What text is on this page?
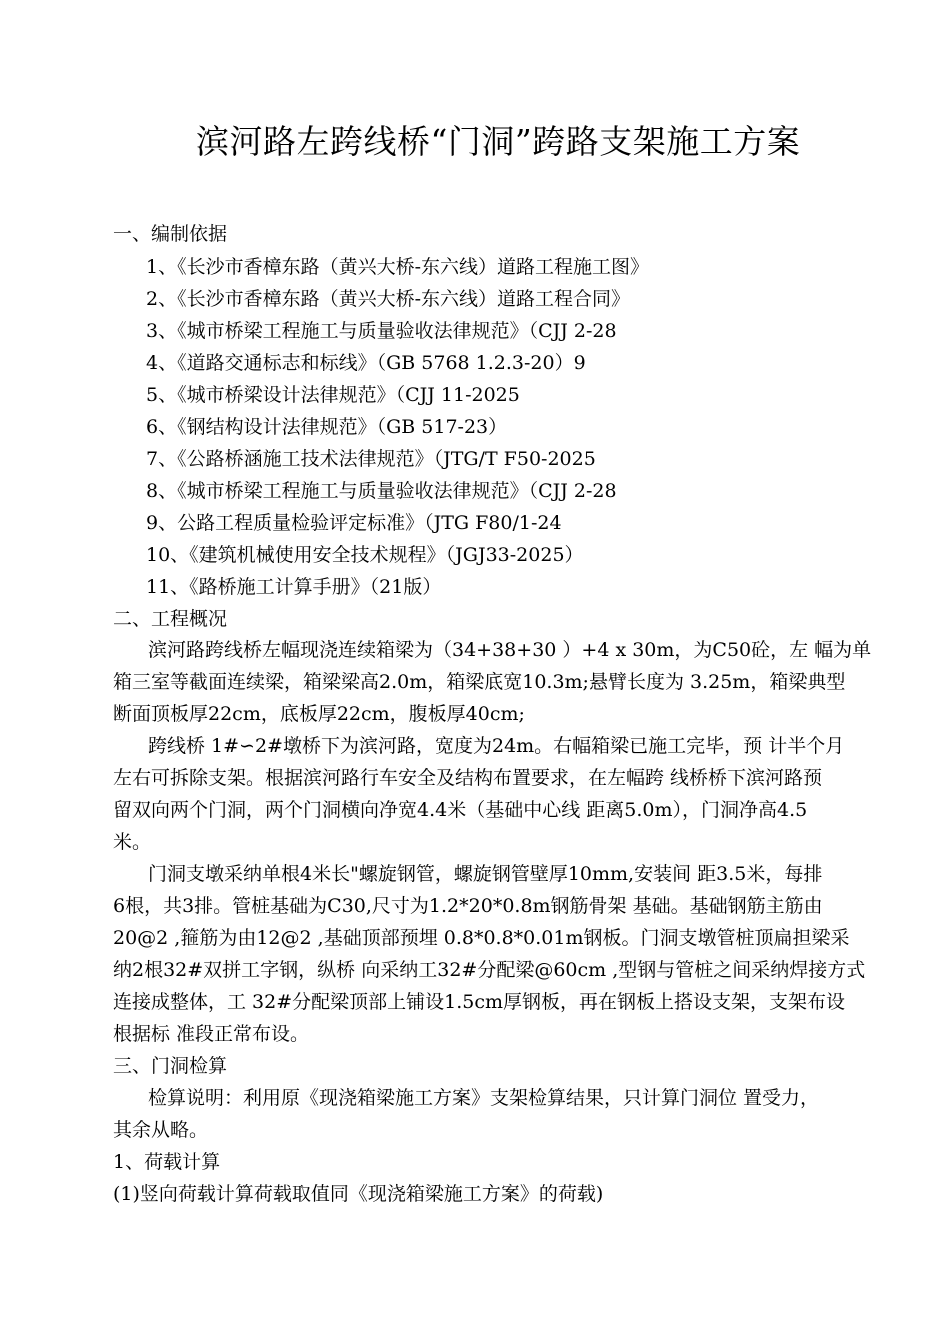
滨河路左跨线桥“门洞”跨路支架施工方案
一、编制依据
1、《长沙市香樟东路（黄兴大桥-东六线）道路工程施工图》
2、《长沙市香樟东路（黄兴大桥-东六线）道路工程合同》
3、《城市桥梁工程施工与质量验收法律规范》（CJJ 2-28
4、《道路交通标志和标线》（GB 5768 1.2.3-20）9
5、《城市桥梁设计法律规范》（CJJ 11-2025
6、《钢结构设计法律规范》（GB 517-23）
7、《公路桥涵施工技术法律规范》（JTG/T F50-2025
8、《城市桥梁工程施工与质量验收法律规范》（CJJ 2-28
9、公路工程质量检验评定标准》（JTG F80/1-24
10、《建筑机械使用安全技术规程》（JGJ33-2025）
11、《路桥施工计算手册》（21版）
二、工程概况
滨河路跨线桥左幅现浇连续箱梁为（34+38+30 ）+4 x 30m，为C50砼，左 幅为单
箱三室等截面连续梁，箱梁梁高2.0m，箱梁底宽10.3m;悬臂长度为 3.25m，箱梁典型
断面顶板厚22cm，底板厚22cm，腹板厚40cm;
跨线桥 1#∽2#墩桥下为滨河路，宽度为24m。右幅箱梁已施工完毕，预 计半个月
左右可拆除支架。根据滨河路行车安全及结构布置要求，在左幅跨 线桥桥下滨河路预
留双向两个门洞，两个门洞横向净宽4.4米（基础中心线 距离5.0m），门洞净高4.5
米。
门洞支墩采纳单根4米长"螺旋钢管，螺旋钢管壁厚10mm,安装间 距3.5米，每排
6根，共3排。管桩基础为C30,尺寸为1.2*20*0.8m钢筋骨架 基础。基础钢筋主筋由
20@2 ,箍筋为由12@2 ,基础顶部预埋 0.8*0.8*0.01m钢板。门洞支墩管桩顶扁担梁采
纳2根32#双拼工字钢，纵桥 向采纳工32#分配梁@60cm ,型钢与管桩之间采纳焊接方式
连接成整体，工 32#分配梁顶部上铺设1.5cm厚钢板，再在钢板上搭设支架，支架布设
根据标 准段正常布设。
三、门洞检算
检算说明：利用原《现浇箱梁施工方案》支架检算结果，只计算门洞位 置受力，
其余从略。
1、荷载计算
(1)竖向荷载计算荷载取值同《现浇箱梁施工方案》的荷载)
